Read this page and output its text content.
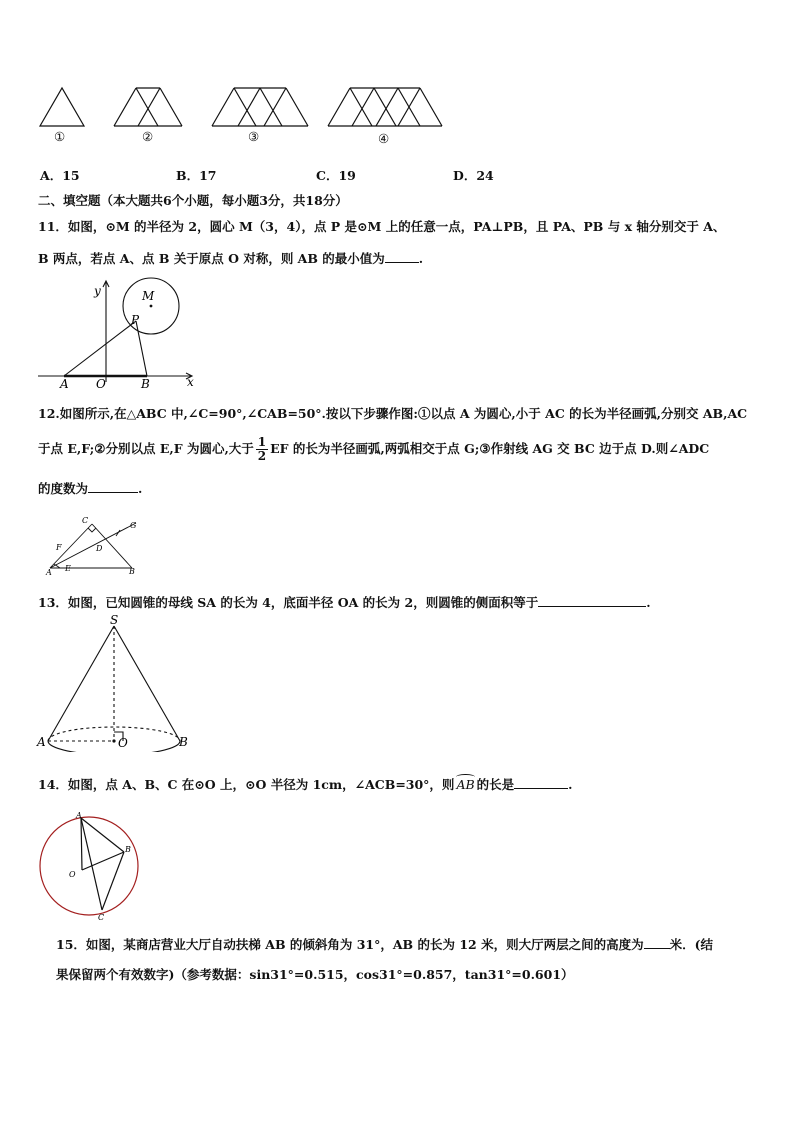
①	②	③	④
A．15	B．17	C．19	D．24
二、填空题（本大题共6个小题，每小题3分，共18分）
11．如图，⊙M 的半径为 2，圆心 M（3，4），点 P 是⊙M 上的任意一点，PA⊥PB，且 PA、PB 与 x 轴分别交于 A、
B 两点，若点 A、点 B 关于原点 O 对称，则 AB 的最小值为	.
y	M
P
A O	B	x
12.如图所示,在△ABC 中,∠C=90°,∠CAB=50°.按以下步骤作图:①以点 A 为圆心,小于 AC 的长为半径画弧,分别交 AB,AC
于点 E,F;②分别以点 E,F 为圆心,大于 $\frac{1}{2}$ EF 的长为半径画弧,两弧相交于点 G;③作射线 AG 交 BC 边于点 D.则∠ADC
的度数为	.
C
G
F	D
A E	B
13．如图，已知圆锥的母线 SA 的长为 4，底面半径 OA 的长为 2，则圆锥的侧面积等于	.
S
A	O	B
14．如图，点 A、B、C 在⊙O 上，⊙O 半径为 1cm，∠ACB=30°，则 AB 的长是	.
A
B
O
C
15．如图，某商店营业大厅自动扶梯 AB 的倾斜角为 31°，AB 的长为 12 米，则大厅两层之间的高度为 米．(结
果保留两个有效数字)（参考数据：sin31°=0.515，cos31°=0.857，tan31°=0.601）
